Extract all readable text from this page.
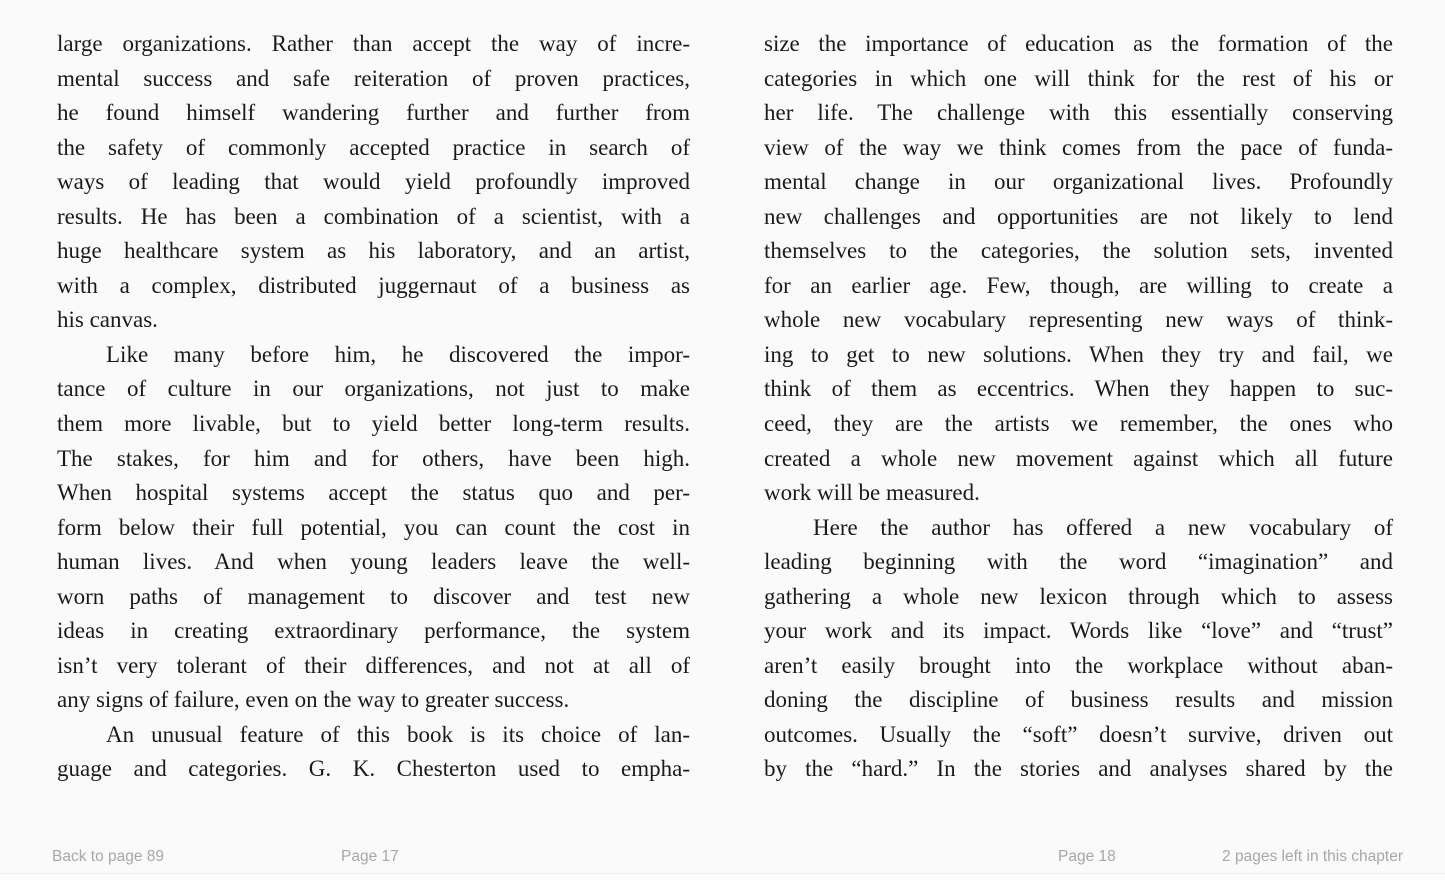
large organizations. Rather than accept the way of incre-
mental success and safe reiteration of proven practices,
he found himself wandering further and further from
the safety of commonly accepted practice in search of
ways of leading that would yield profoundly improved
results. He has been a combination of a scientist, with a
huge healthcare system as his laboratory, and an artist,
with a complex, distributed juggernaut of a business as
his canvas.
Like many before him, he discovered the impor-
tance of culture in our organizations, not just to make
them more livable, but to yield better long-term results.
The stakes, for him and for others, have been high.
When hospital systems accept the status quo and per-
form below their full potential, you can count the cost in
human lives. And when young leaders leave the well-
worn paths of management to discover and test new
ideas in creating extraordinary performance, the system
isn’t very tolerant of their differences, and not at all of
any signs of failure, even on the way to greater success.
An unusual feature of this book is its choice of lan-
guage and categories. G. K. Chesterton used to empha-
size the importance of education as the formation of the
categories in which one will think for the rest of his or
her life. The challenge with this essentially conserving
view of the way we think comes from the pace of funda-
mental change in our organizational lives. Profoundly
new challenges and opportunities are not likely to lend
themselves to the categories, the solution sets, invented
for an earlier age. Few, though, are willing to create a
whole new vocabulary representing new ways of think-
ing to get to new solutions. When they try and fail, we
think of them as eccentrics. When they happen to suc-
ceed, they are the artists we remember, the ones who
created a whole new movement against which all future
work will be measured.
Here the author has offered a new vocabulary of
leading beginning with the word “imagination” and
gathering a whole new lexicon through which to assess
your work and its impact. Words like “love” and “trust”
aren’t easily brought into the workplace without aban-
doning the discipline of business results and mission
outcomes. Usually the “soft” doesn’t survive, driven out
by the “hard.” In the stories and analyses shared by the
Back to page 89	Page 17	Page 18	2 pages left in this chapter
